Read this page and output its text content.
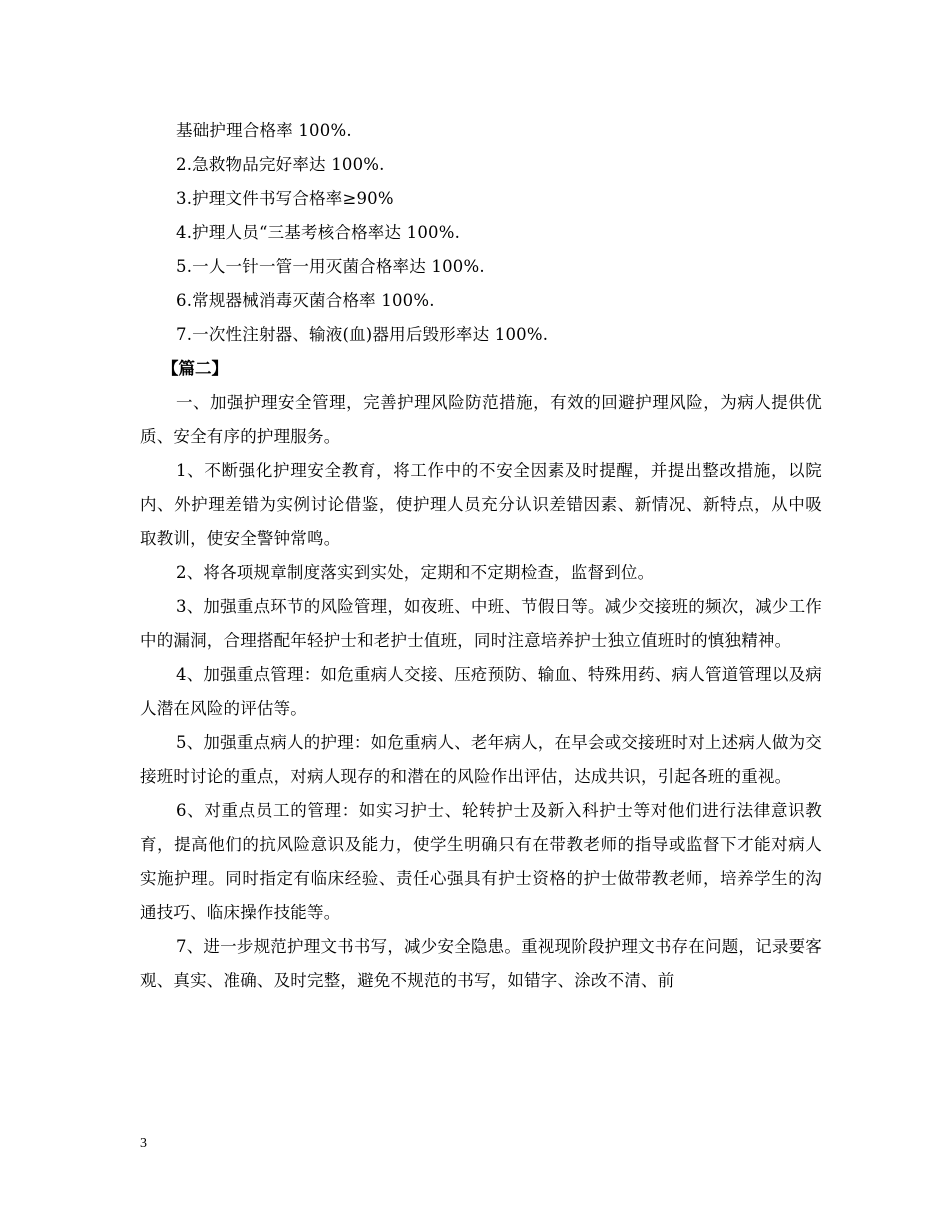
基础护理合格率 100%.

2.急救物品完好率达 100%.

3.护理文件书写合格率≥90%

4.护理人员“三基考核合格率达 100%.

5.一人一针一管一用灭菌合格率达 100%.

6.常规器械消毒灭菌合格率 100%.

7.一次性注射器、输液(血)器用后毁形率达 100%.

【篇二】

一、加强护理安全管理，完善护理风险防范措施，有效的回避护理风险，为病人提供优质、安全有序的护理服务。

1、不断强化护理安全教育，将工作中的不安全因素及时提醒，并提出整改措施，以院内、外护理差错为实例讨论借鉴，使护理人员充分认识差错因素、新情况、新特点，从中吸取教训，使安全警钟常鸣。

2、将各项规章制度落实到实处，定期和不定期检查，监督到位。

3、加强重点环节的风险管理，如夜班、中班、节假日等。减少交接班的频次，减少工作中的漏洞，合理搭配年轻护士和老护士值班，同时注意培养护士独立值班时的慎独精神。

4、加强重点管理：如危重病人交接、压疮预防、输血、特殊用药、病人管道管理以及病人潜在风险的评估等。

5、加强重点病人的护理：如危重病人、老年病人，在早会或交接班时对上述病人做为交接班时讨论的重点，对病人现存的和潜在的风险作出评估，达成共识，引起各班的重视。

6、对重点员工的管理：如实习护士、轮转护士及新入科护士等对他们进行法律意识教育，提高他们的抗风险意识及能力，使学生明确只有在带教老师的指导或监督下才能对病人实施护理。同时指定有临床经验、责任心强具有护士资格的护士做带教老师，培养学生的沟通技巧、临床操作技能等。

7、进一步规范护理文书书写，减少安全隐患。重视现阶段护理文书存在问题，记录要客观、真实、准确、及时完整，避免不规范的书写，如错字、涂改不清、前

3
